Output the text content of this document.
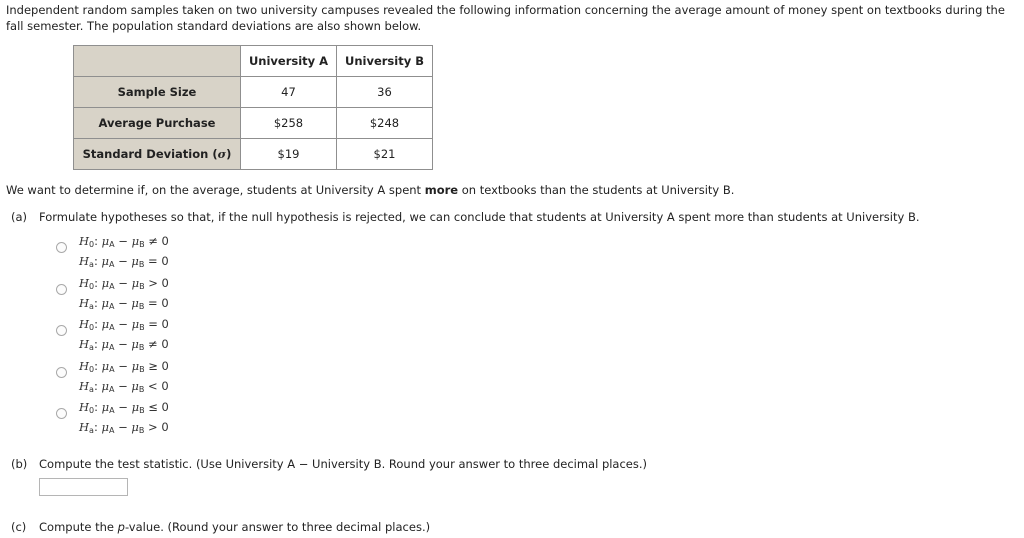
Independent random samples taken on two university campuses revealed the following information concerning the average amount of money spent on textbooks during the fall semester. The population standard deviations are also shown below.
	University A	University B
Sample Size	47	36
Average Purchase	$258	$248
Standard Deviation (σ)	$19	$21
We want to determine if, on the average, students at University A spent more on textbooks than the students at University B.
(a) Formulate hypotheses so that, if the null hypothesis is rejected, we can conclude that students at University A spent more than students at University B.
$H_0$: $\mu_A - \mu_B \ne 0$
$H_a$: $\mu_A - \mu_B = 0$
$H_0$: $\mu_A - \mu_B > 0$
$H_a$: $\mu_A - \mu_B = 0$
$H_0$: $\mu_A - \mu_B = 0$
$H_a$: $\mu_A - \mu_B \ne 0$
$H_0$: $\mu_A - \mu_B \ge 0$
$H_a$: $\mu_A - \mu_B < 0$
$H_0$: $\mu_A - \mu_B \le 0$
$H_a$: $\mu_A - \mu_B > 0$
(b) Compute the test statistic. (Use University A − University B. Round your answer to three decimal places.)
(c) Compute the p-value. (Round your answer to three decimal places.)
